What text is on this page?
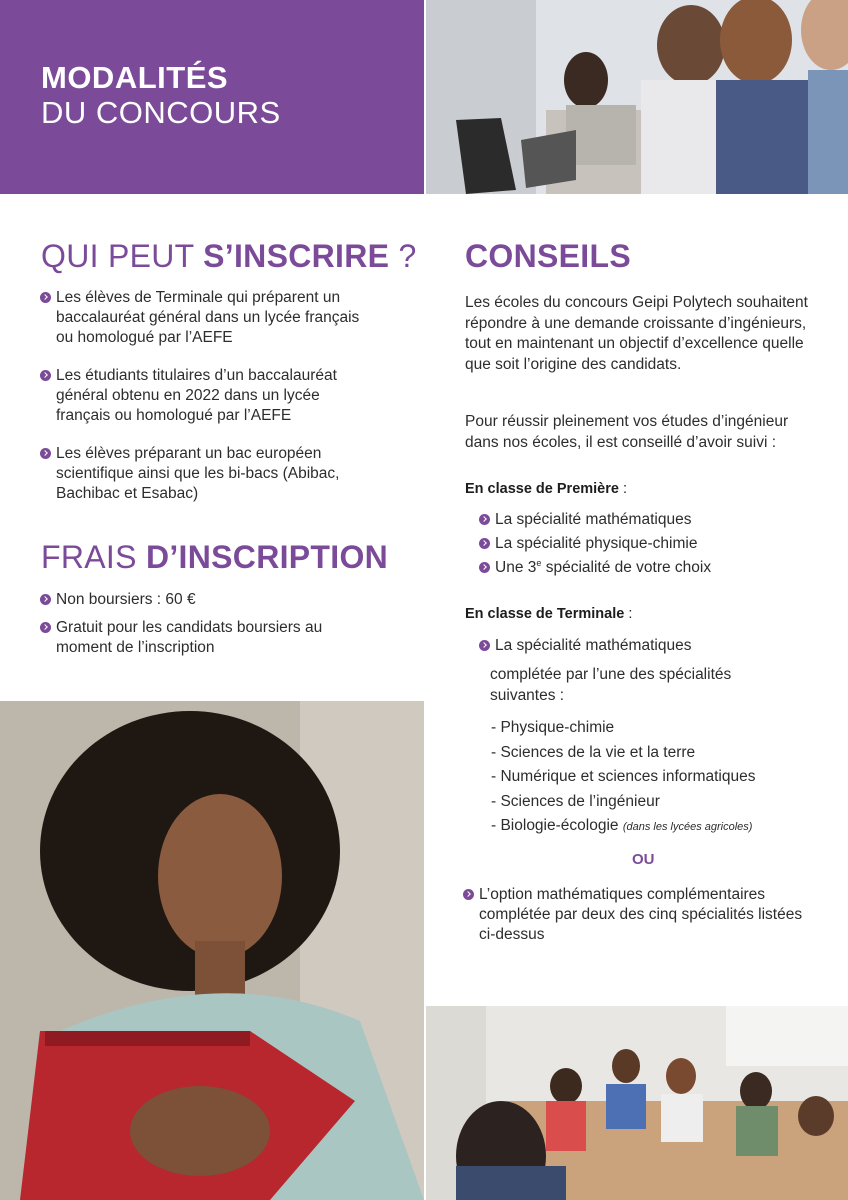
MODALITÉS
DU CONCOURS
QUI PEUT S’INSCRIRE ?
Les élèves de Terminale qui préparent un baccalauréat général dans un lycée français ou homologué par l’AEFE
Les étudiants titulaires d’un baccalauréat général obtenu en 2022 dans un lycée français ou homologué par l’AEFE
Les élèves préparant un bac européen scientifique ainsi que les bi-bacs (Abibac, Bachibac et Esabac)
FRAIS D’INSCRIPTION
Non boursiers : 60 €
Gratuit pour les candidats boursiers au moment de l’inscription
CONSEILS
Les écoles du concours Geipi Polytech souhaitent répondre à une demande croissante d’ingénieurs, tout en maintenant un objectif d’excellence quelle que soit l’origine des candidats.
Pour réussir pleinement vos études d’ingénieur dans nos écoles, il est conseillé d’avoir suivi :
En classe de Première :
La spécialité mathématiques
La spécialité physique-chimie
Une 3e spécialité de votre choix
En classe de Terminale :
La spécialité mathématiques
complétée par l’une des spécialités suivantes :
- Physique-chimie
- Sciences de la vie et la terre
- Numérique et sciences informatiques
- Sciences de l’ingénieur
- Biologie-écologie (dans les lycées agricoles)
OU
L’option mathématiques complémentaires complétée par deux des cinq spécialités listées ci-dessus
